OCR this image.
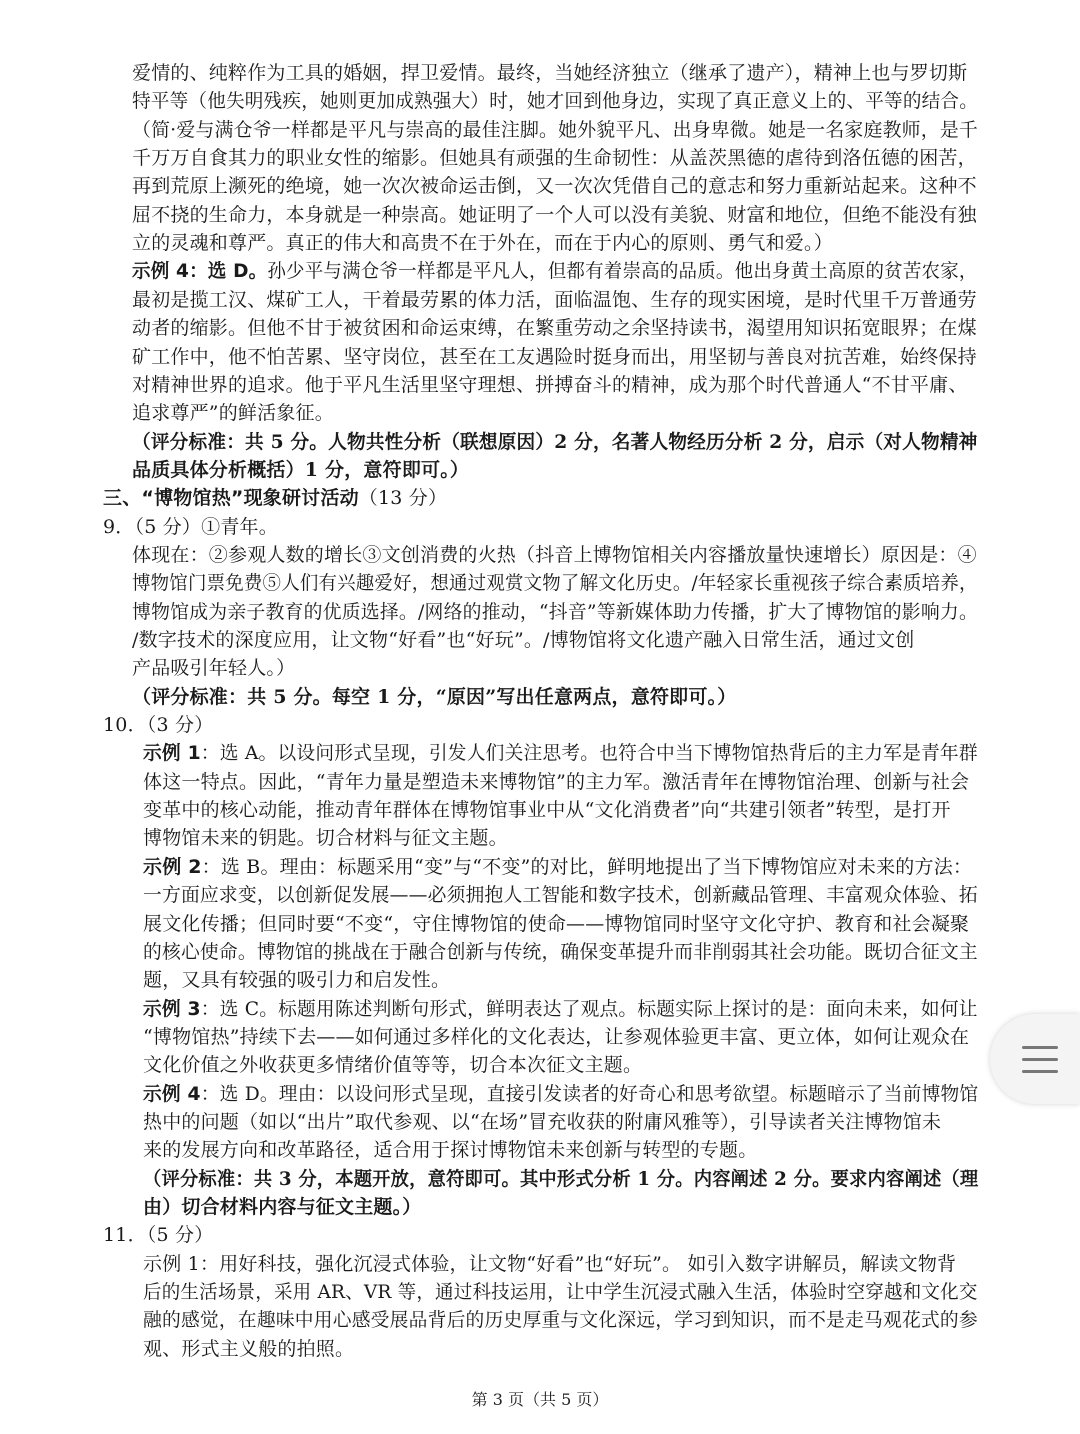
爱情的、纯粹作为工具的婚姻，捍卫爱情。最终，当她经济独立（继承了遗产），精神上也与罗切斯
特平等（他失明残疾，她则更加成熟强大）时，她才回到他身边，实现了真正意义上的、平等的结合。
（简·爱与满仓爷一样都是平凡与崇高的最佳注脚。她外貌平凡、出身卑微。她是一名家庭教师，是千
千万万自食其力的职业女性的缩影。但她具有顽强的生命韧性：从盖茨黑德的虐待到洛伍德的困苦，
再到荒原上濒死的绝境，她一次次被命运击倒，又一次次凭借自己的意志和努力重新站起来。这种不
屈不挠的生命力，本身就是一种崇高。她证明了一个人可以没有美貌、财富和地位，但绝不能没有独
立的灵魂和尊严。真正的伟大和高贵不在于外在，而在于内心的原则、勇气和爱。）
示例 4：选 D。孙少平与满仓爷一样都是平凡人，但都有着崇高的品质。他出身黄土高原的贫苦农家，
最初是揽工汉、煤矿工人，干着最劳累的体力活，面临温饱、生存的现实困境，是时代里千万普通劳
动者的缩影。但他不甘于被贫困和命运束缚，在繁重劳动之余坚持读书，渴望用知识拓宽眼界；在煤
矿工作中，他不怕苦累、坚守岗位，甚至在工友遇险时挺身而出，用坚韧与善良对抗苦难，始终保持
对精神世界的追求。他于平凡生活里坚守理想、拼搏奋斗的精神，成为那个时代普通人“不甘平庸、
追求尊严”的鲜活象征。
（评分标准：共 5 分。人物共性分析（联想原因）2 分，名著人物经历分析 2 分，启示（对人物精神
品质具体分析概括）1 分，意符即可。）
三、“博物馆热”现象研讨活动（13 分）
9．（5 分）①青年。
体现在：②参观人数的增长③文创消费的火热（抖音上博物馆相关内容播放量快速增长）原因是：④
博物馆门票免费⑤人们有兴趣爱好，想通过观赏文物了解文化历史。/年轻家长重视孩子综合素质培养，
博物馆成为亲子教育的优质选择。/网络的推动，“抖音”等新媒体助力传播，扩大了博物馆的影响力。
/数字技术的深度应用，让文物“好看”也“好玩”。/博物馆将文化遗产融入日常生活，通过文创
产品吸引年轻人。）
（评分标准：共 5 分。每空 1 分，“原因”写出任意两点，意符即可。）
10．（3 分）
示例 1：选 A。以设问形式呈现，引发人们关注思考。也符合中当下博物馆热背后的主力军是青年群
体这一特点。因此，“青年力量是塑造未来博物馆”的主力军。激活青年在博物馆治理、创新与社会
变革中的核心动能，推动青年群体在博物馆事业中从“文化消费者”向“共建引领者”转型，是打开
博物馆未来的钥匙。切合材料与征文主题。
示例 2：选 B。理由：标题采用“变”与“不变”的对比，鲜明地提出了当下博物馆应对未来的方法：
一方面应求变，以创新促发展——必须拥抱人工智能和数字技术，创新藏品管理、丰富观众体验、拓
展文化传播；但同时要“不变“，守住博物馆的使命——博物馆同时坚守文化守护、教育和社会凝聚
的核心使命。博物馆的挑战在于融合创新与传统，确保变革提升而非削弱其社会功能。既切合征文主
题，又具有较强的吸引力和启发性。
示例 3：选 C。标题用陈述判断句形式，鲜明表达了观点。标题实际上探讨的是：面向未来，如何让
“博物馆热”持续下去——如何通过多样化的文化表达，让参观体验更丰富、更立体，如何让观众在
文化价值之外收获更多情绪价值等等，切合本次征文主题。
示例 4：选 D。理由：以设问形式呈现，直接引发读者的好奇心和思考欲望。标题暗示了当前博物馆
热中的问题（如以“出片”取代参观、以“在场”冒充收获的附庸风雅等），引导读者关注博物馆未
来的发展方向和改革路径，适合用于探讨博物馆未来创新与转型的专题。
（评分标准：共 3 分，本题开放，意符即可。其中形式分析 1 分。内容阐述 2 分。要求内容阐述（理
由）切合材料内容与征文主题。）
11．（5 分）
示例 1：用好科技，强化沉浸式体验，让文物“好看”也“好玩”。 如引入数字讲解员，解读文物背
后的生活场景，采用 AR、VR 等，通过科技运用，让中学生沉浸式融入生活，体验时空穿越和文化交
融的感觉，在趣味中用心感受展品背后的历史厚重与文化深远，学习到知识，而不是走马观花式的参
观、形式主义般的拍照。
第 3 页（共 5 页）
